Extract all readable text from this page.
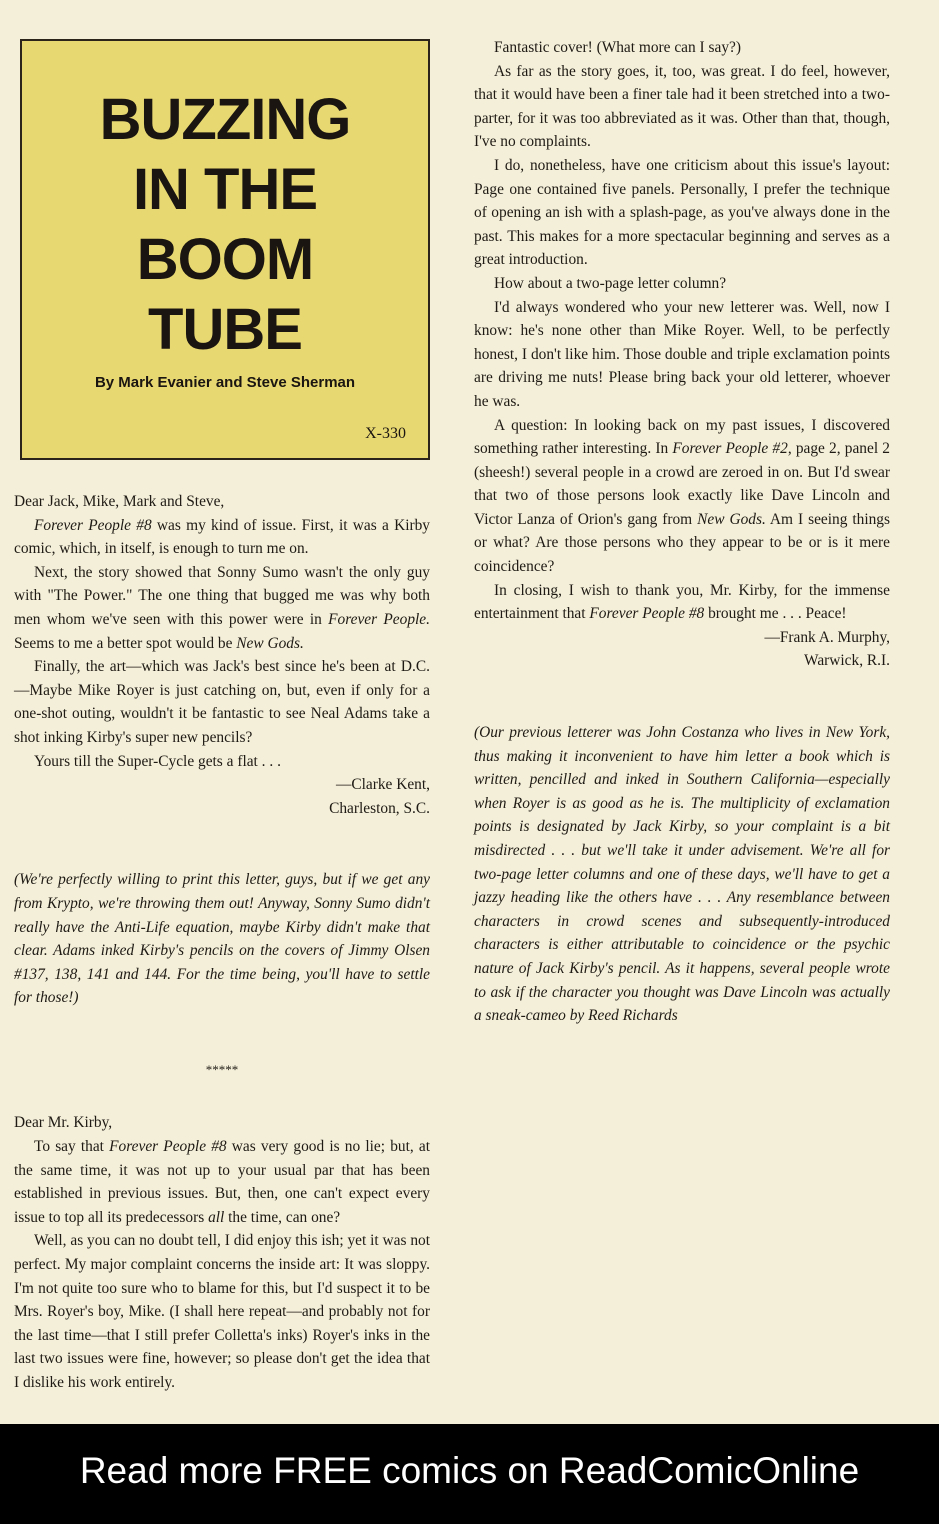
BUZZING
IN THE
BOOM
TUBE
By Mark Evanier and Steve Sherman
X-330

Dear Jack, Mike, Mark and Steve,

Forever People #8 was my kind of issue. First, it was a Kirby comic, which, in itself, is enough to turn me on.

Next, the story showed that Sonny Sumo wasn't the only guy with "The Power." The one thing that bugged me was why both men whom we've seen with this power were in Forever People. Seems to me a better spot would be New Gods.

Finally, the art—which was Jack's best since he's been at D.C.—Maybe Mike Royer is just catching on, but, even if only for a one-shot outing, wouldn't it be fantastic to see Neal Adams take a shot inking Kirby's super new pencils?

Yours till the Super-Cycle gets a flat . . .

—Clarke Kent,

Charleston, S.C.

(We're perfectly willing to print this letter, guys, but if we get any from Krypto, we're throwing them out! Anyway, Sonny Sumo didn't really have the Anti-Life equation, maybe Kirby didn't make that clear. Adams inked Kirby's pencils on the covers of Jimmy Olsen #137, 138, 141 and 144. For the time being, you'll have to settle for those!)

*****

Dear Mr. Kirby,

To say that Forever People #8 was very good is no lie; but, at the same time, it was not up to your usual par that has been established in previous issues. But, then, one can't expect every issue to top all its predecessors all the time, can one?

Well, as you can no doubt tell, I did enjoy this ish; yet it was not perfect. My major complaint concerns the inside art: It was sloppy. I'm not quite too sure who to blame for this, but I'd suspect it to be Mrs. Royer's boy, Mike. (I shall here repeat—and probably not for the last time—that I still prefer Colletta's inks) Royer's inks in the last two issues were fine, however; so please don't get the idea that I dislike his work entirely.

Fantastic cover! (What more can I say?)

As far as the story goes, it, too, was great. I do feel, however, that it would have been a finer tale had it been stretched into a two-parter, for it was too abbreviated as it was. Other than that, though, I've no complaints.

I do, nonetheless, have one criticism about this issue's layout: Page one contained five panels. Personally, I prefer the technique of opening an ish with a splash-page, as you've always done in the past. This makes for a more spectacular beginning and serves as a great introduction.

How about a two-page letter column?

I'd always wondered who your new letterer was. Well, now I know: he's none other than Mike Royer. Well, to be perfectly honest, I don't like him. Those double and triple exclamation points are driving me nuts! Please bring back your old letterer, whoever he was.

A question: In looking back on my past issues, I discovered something rather interesting. In Forever People #2, page 2, panel 2 (sheesh!) several people in a crowd are zeroed in on. But I'd swear that two of those persons look exactly like Dave Lincoln and Victor Lanza of Orion's gang from New Gods. Am I seeing things or what? Are those persons who they appear to be or is it mere coincidence?

In closing, I wish to thank you, Mr. Kirby, for the immense entertainment that Forever People #8 brought me . . . Peace!

—Frank A. Murphy,

Warwick, R.I.

(Our previous letterer was John Costanza who lives in New York, thus making it inconvenient to have him letter a book which is written, pencilled and inked in Southern California—especially when Royer is as good as he is. The multiplicity of exclamation points is designated by Jack Kirby, so your complaint is a bit misdirected . . . but we'll take it under advisement. We're all for two-page letter columns and one of these days, we'll have to get a jazzy heading like the others have . . . Any resemblance between characters in crowd scenes and subsequently-introduced characters is either attributable to coincidence or the psychic nature of Jack Kirby's pencil. As it happens, several people wrote to ask if the character you thought was Dave Lincoln was actually a sneak-cameo by Reed Richards

Read more FREE comics on ReadComicOnline
